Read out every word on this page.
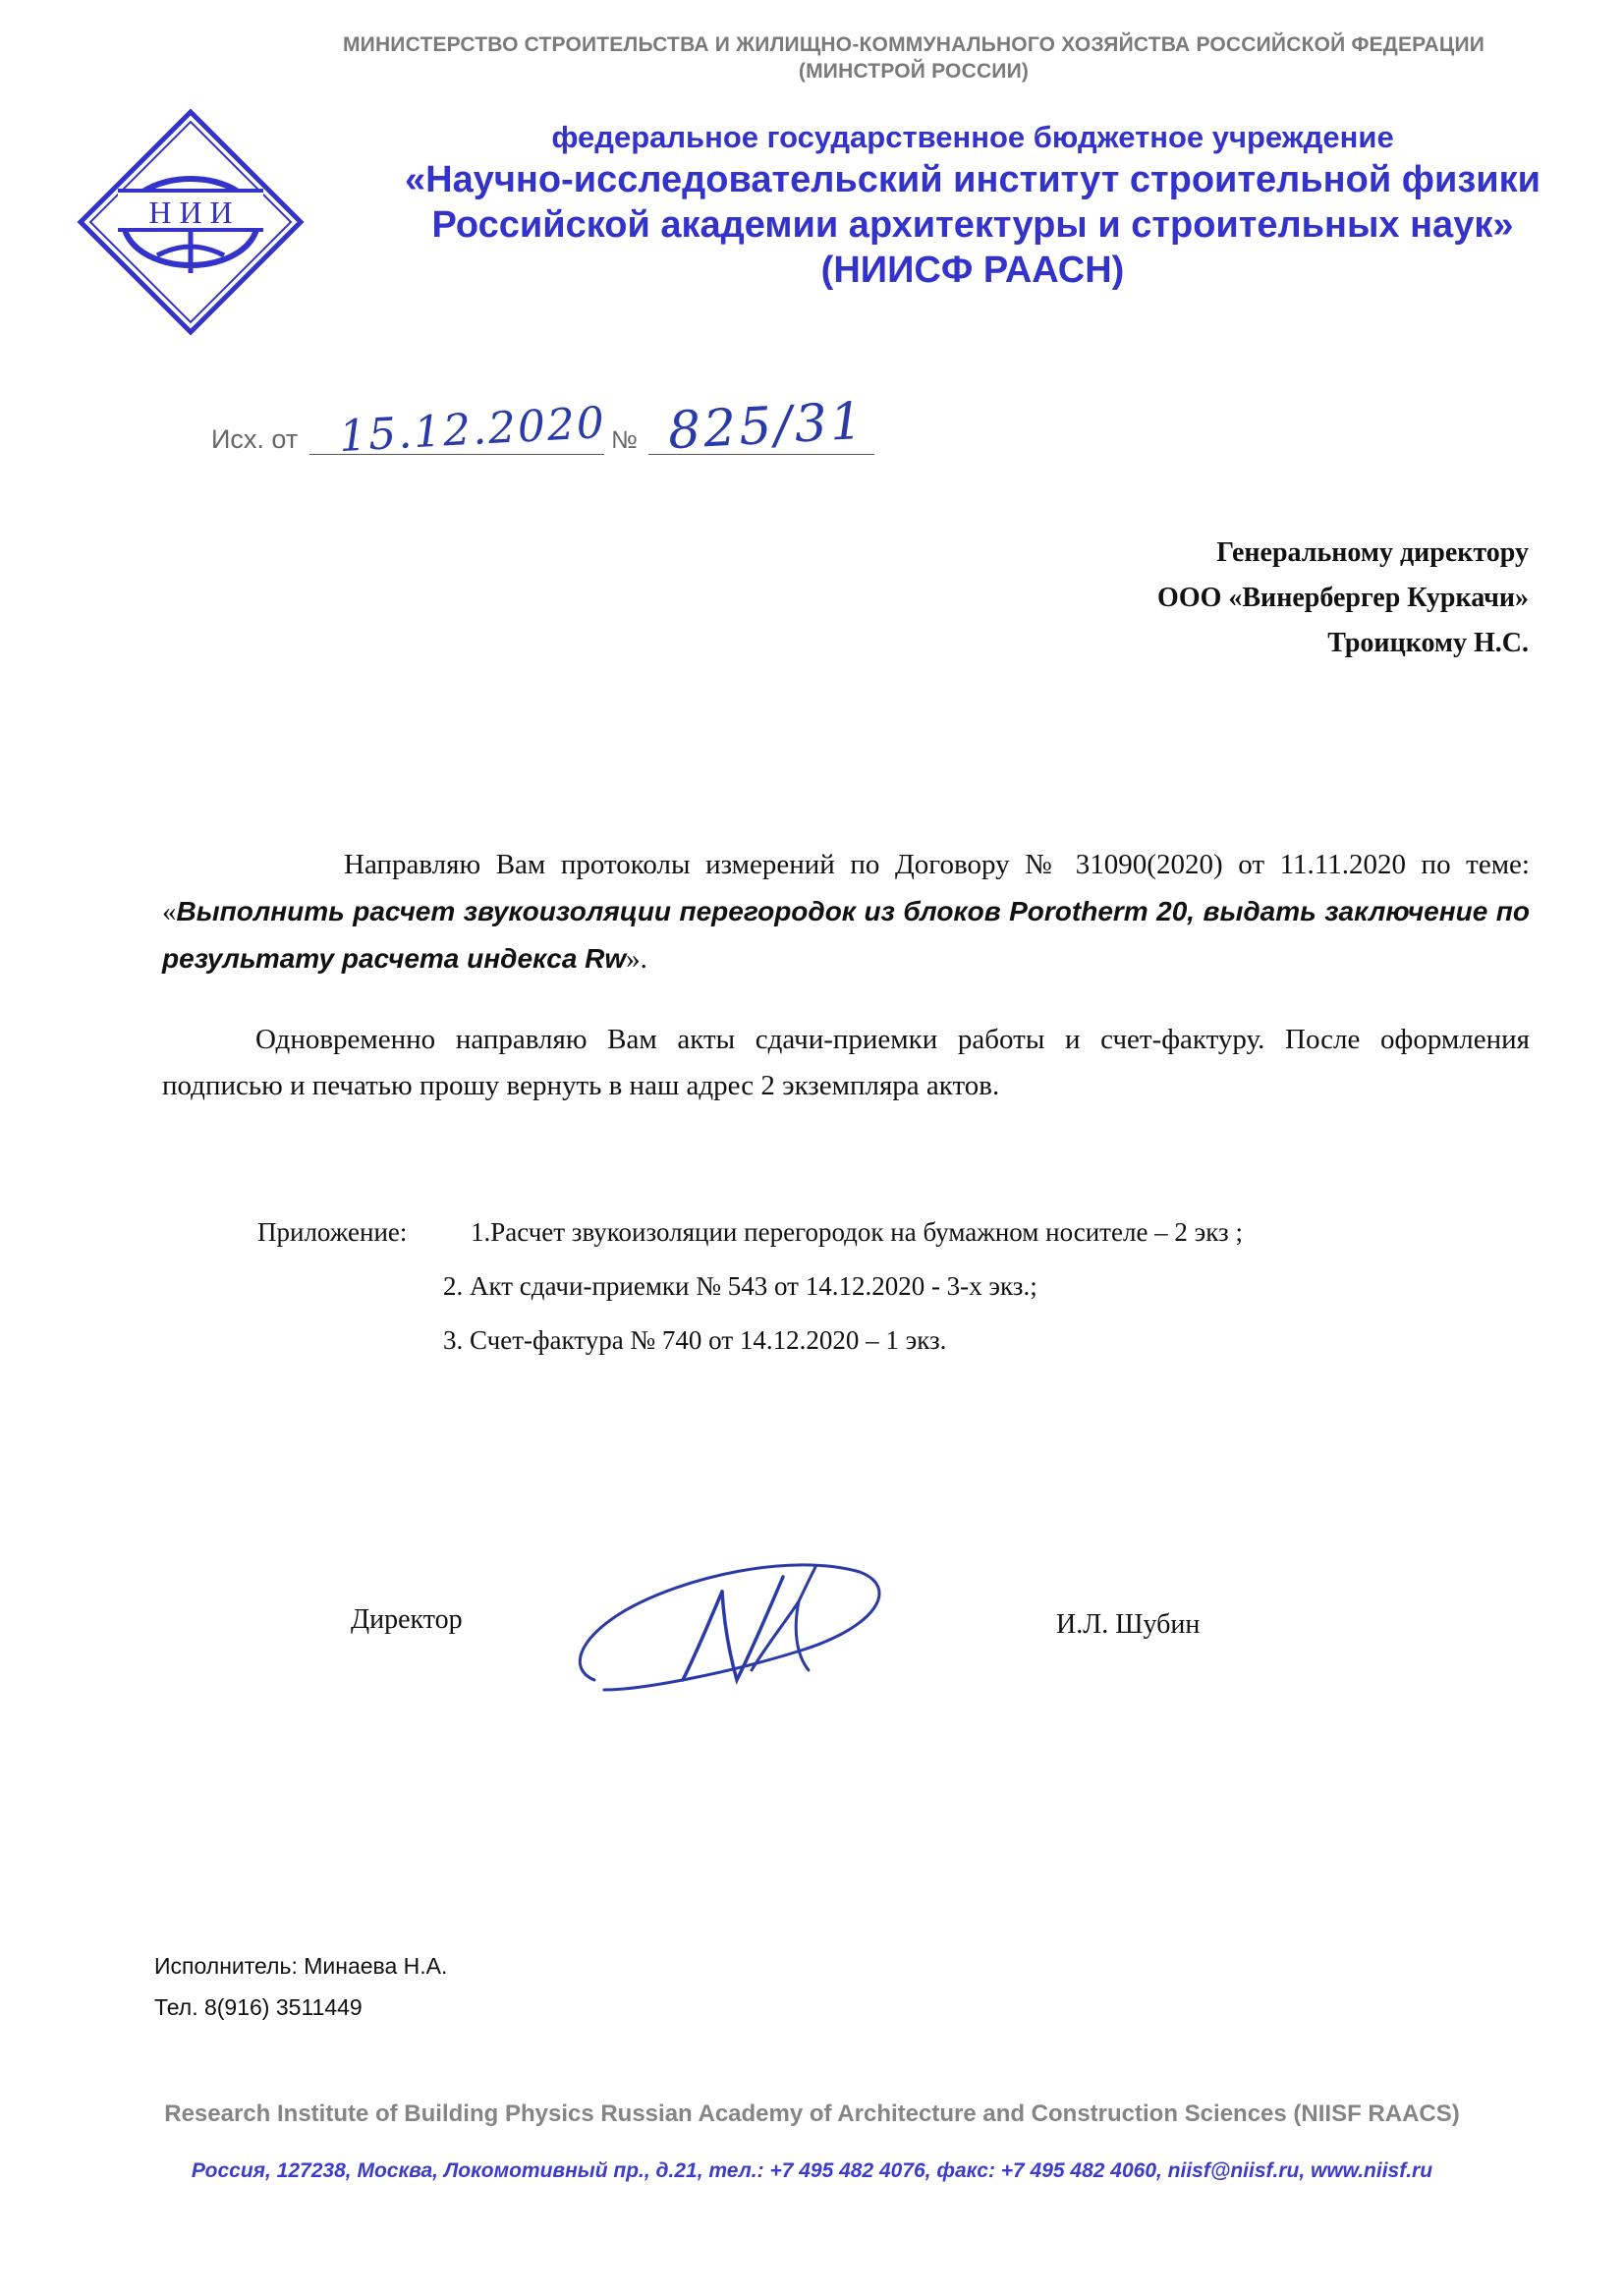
МИНИСТЕРСТВО СТРОИТЕЛЬСТВА И ЖИЛИЩНО-КОММУНАЛЬНОГО ХОЗЯЙСТВА РОССИЙСКОЙ ФЕДЕРАЦИИ
(МИНСТРОЙ РОССИИ)
Н И И
федеральное государственное бюджетное учреждение
«Научно-исследовательский институт строительной физики
Российской академии архитектуры и строительных наук»
(НИИСФ РААСН)
Исх. от 15.12.2020 № 825/31
Генеральному директору
ООО «Винербергер Куркачи»
Троицкому Н.С.
Направляю Вам протоколы измерений по Договору № 31090(2020) от 11.11.2020 по теме: «Выполнить расчет звукоизоляции перегородок из блоков Porotherm 20, выдать заключение по результату расчета индекса Rw».
Одновременно направляю Вам акты сдачи-приемки работы и счет-фактуру. После оформления подписью и печатью прошу вернуть в наш адрес 2 экземпляра актов.
Приложение: 1.Расчет звукоизоляции перегородок на бумажном носителе – 2 экз ;
2. Акт сдачи-приемки № 543 от 14.12.2020 - 3-х экз.;
3. Счет-фактура № 740 от 14.12.2020 – 1 экз.
Директор	И.Л. Шубин
Исполнитель: Минаева Н.А.
Тел. 8(916) 3511449
Research Institute of Building Physics Russian Academy of Architecture and Construction Sciences (NIISF RAACS)
Россия, 127238, Москва, Локомотивный пр., д.21, тел.: +7 495 482 4076, факс: +7 495 482 4060, niisf@niisf.ru, www.niisf.ru
